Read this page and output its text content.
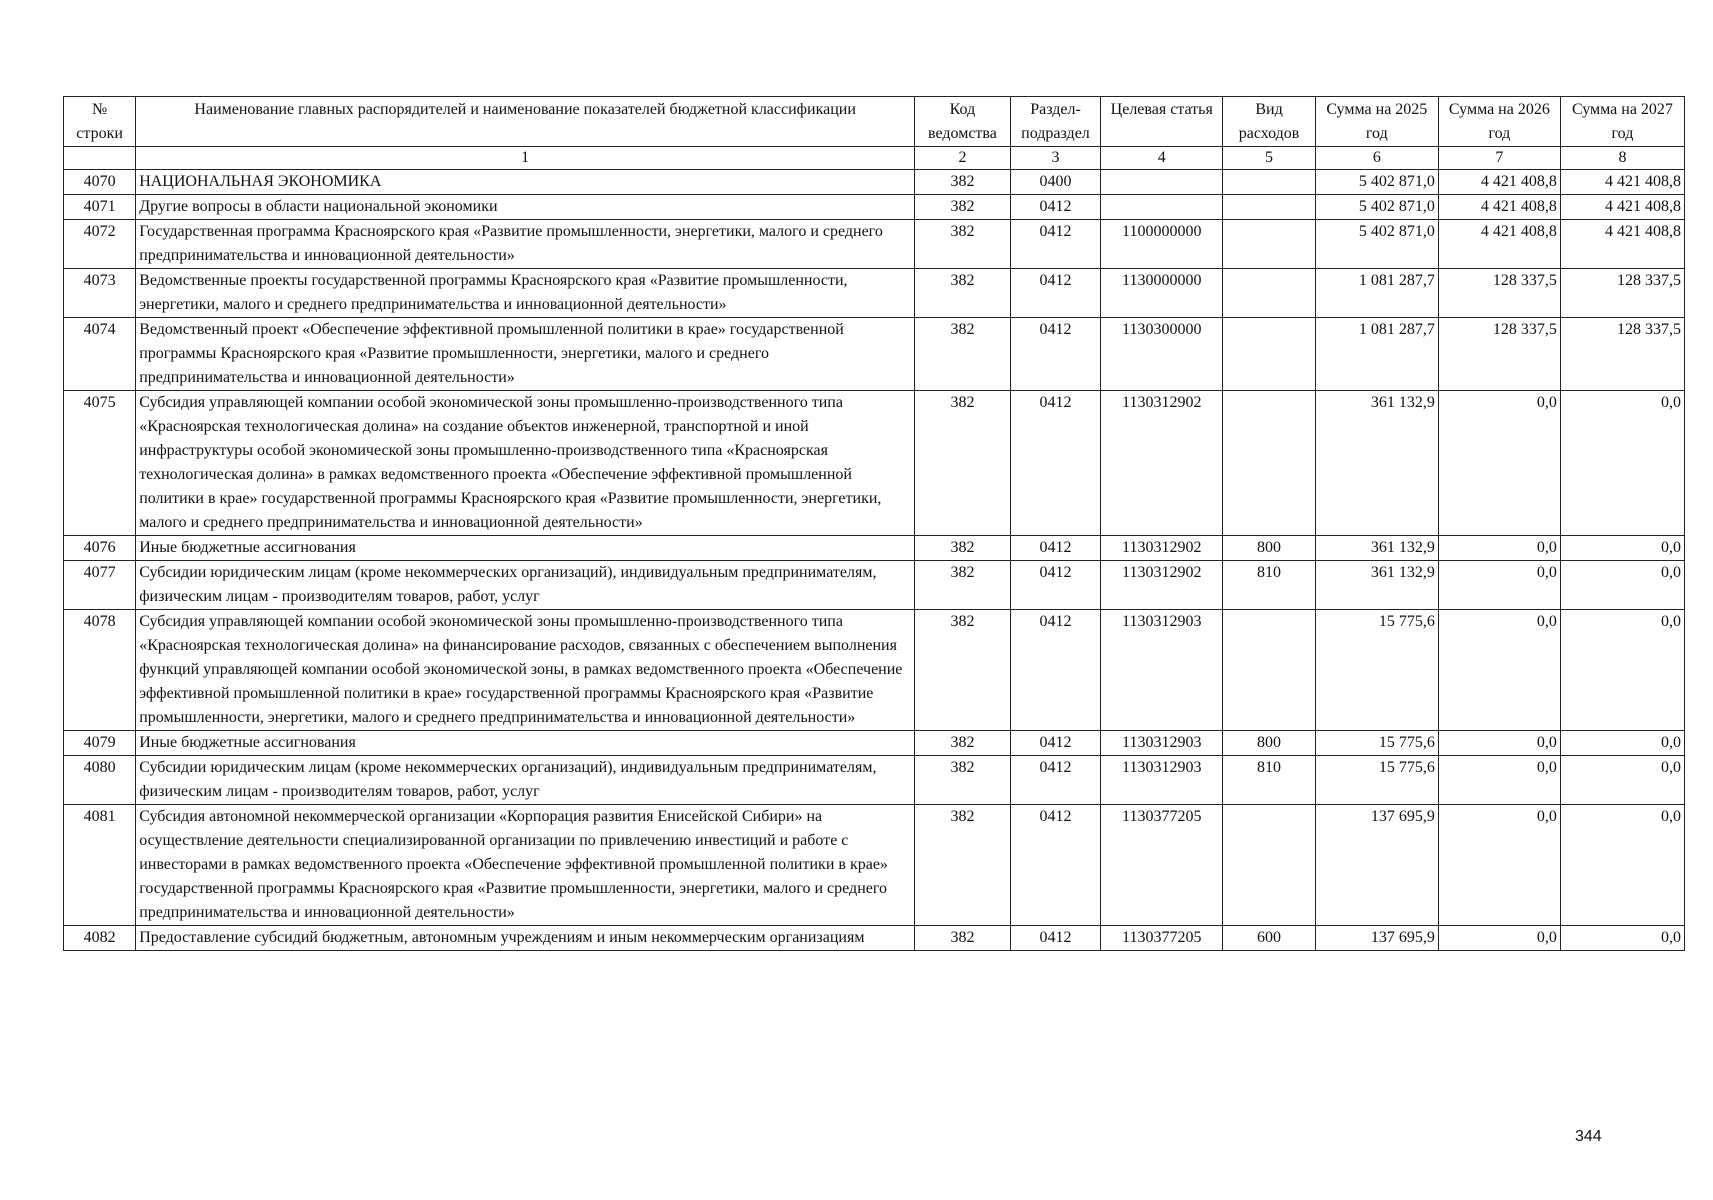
№ строки	Наименование главных распорядителей и наименование показателей бюджетной классификации	Код ведомства	Раздел-подраздел	Целевая статья	Вид расходов	Сумма на 2025 год	Сумма на 2026 год	Сумма на 2027 год
	1	2	3	4	5	6	7	8
4070	НАЦИОНАЛЬНАЯ ЭКОНОМИКА	382	0400			5 402 871,0	4 421 408,8	4 421 408,8
4071	Другие вопросы в области национальной экономики	382	0412			5 402 871,0	4 421 408,8	4 421 408,8
4072	Государственная программа Красноярского края «Развитие промышленности, энергетики, малого и среднего предпринимательства и инновационной деятельности»	382	0412	1100000000		5 402 871,0	4 421 408,8	4 421 408,8
4073	Ведомственные проекты государственной программы Красноярского края «Развитие промышленности, энергетики, малого и среднего предпринимательства и инновационной деятельности»	382	0412	1130000000		1 081 287,7	128 337,5	128 337,5
4074	Ведомственный проект «Обеспечение эффективной промышленной политики в крае» государственной программы Красноярского края «Развитие промышленности, энергетики, малого и среднего предпринимательства и инновационной деятельности»	382	0412	1130300000		1 081 287,7	128 337,5	128 337,5
4075	Субсидия управляющей компании особой экономической зоны промышленно-производственного типа «Красноярская технологическая долина» на создание объектов инженерной, транспортной и иной инфраструктуры особой экономической зоны промышленно-производственного типа «Красноярская технологическая долина» в рамках ведомственного проекта «Обеспечение эффективной промышленной политики в крае» государственной программы Красноярского края «Развитие промышленности, энергетики, малого и среднего предпринимательства и инновационной деятельности»	382	0412	1130312902		361 132,9	0,0	0,0
4076	Иные бюджетные ассигнования	382	0412	1130312902	800	361 132,9	0,0	0,0
4077	Субсидии юридическим лицам (кроме некоммерческих организаций), индивидуальным предпринимателям, физическим лицам - производителям товаров, работ, услуг	382	0412	1130312902	810	361 132,9	0,0	0,0
4078	Субсидия управляющей компании особой экономической зоны промышленно-производственного типа «Красноярская технологическая долина» на финансирование расходов, связанных с обеспечением выполнения функций управляющей компании особой экономической зоны, в рамках ведомственного проекта «Обеспечение эффективной промышленной политики в крае» государственной программы Красноярского края «Развитие промышленности, энергетики, малого и среднего предпринимательства и инновационной деятельности»	382	0412	1130312903		15 775,6	0,0	0,0
4079	Иные бюджетные ассигнования	382	0412	1130312903	800	15 775,6	0,0	0,0
4080	Субсидии юридическим лицам (кроме некоммерческих организаций), индивидуальным предпринимателям, физическим лицам - производителям товаров, работ, услуг	382	0412	1130312903	810	15 775,6	0,0	0,0
4081	Субсидия автономной некоммерческой организации «Корпорация развития Енисейской Сибири» на осуществление деятельности специализированной организации по привлечению инвестиций и работе с инвесторами в рамках ведомственного проекта «Обеспечение эффективной промышленной политики в крае» государственной программы Красноярского края «Развитие промышленности, энергетики, малого и среднего предпринимательства и инновационной деятельности»	382	0412	1130377205		137 695,9	0,0	0,0
4082	Предоставление субсидий бюджетным, автономным учреждениям и иным некоммерческим организациям	382	0412	1130377205	600	137 695,9	0,0	0,0
344
